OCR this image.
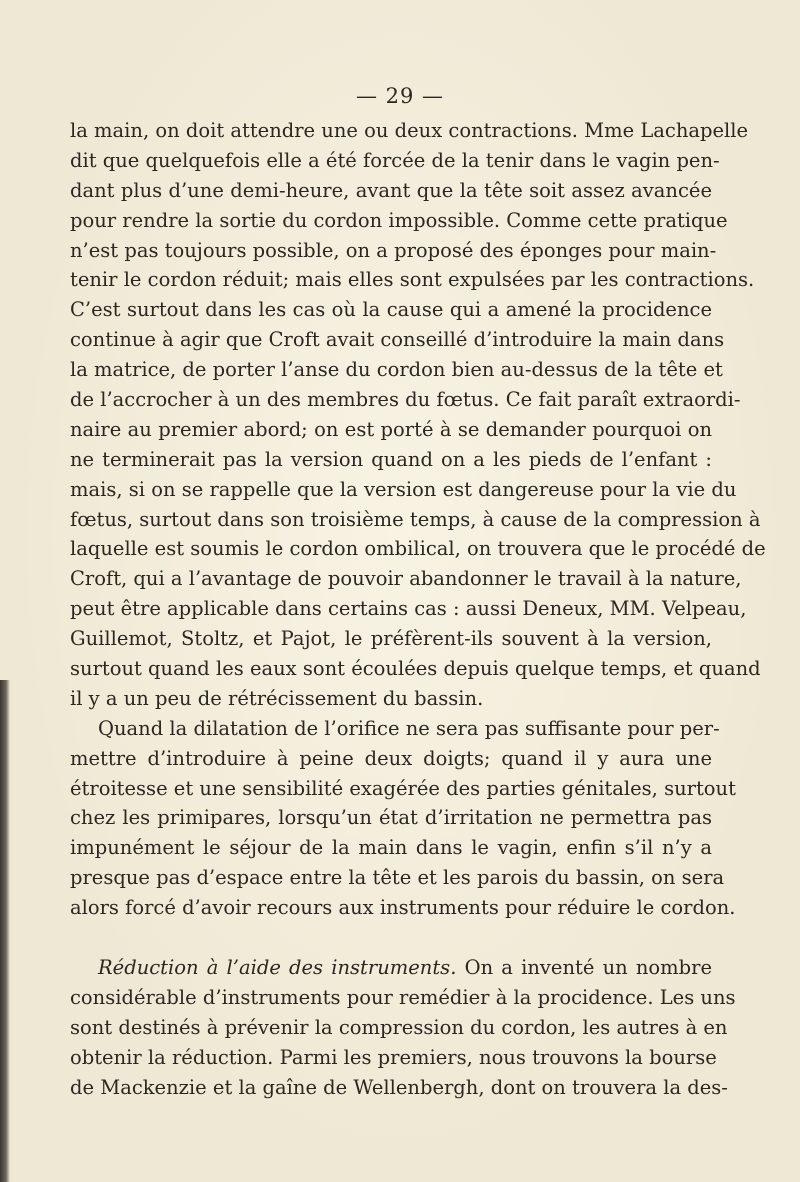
— 29 —
la main, on doit attendre une ou deux contractions. Mme Lachapelle
dit que quelquefois elle a été forcée de la tenir dans le vagin pen-
dant plus d’une demi-heure, avant que la tête soit assez avancée
pour rendre la sortie du cordon impossible. Comme cette pratique
n’est pas toujours possible, on a proposé des éponges pour main-
tenir le cordon réduit; mais elles sont expulsées par les contractions.
C’est surtout dans les cas où la cause qui a amené la procidence
continue à agir que Croft avait conseillé d’introduire la main dans
la matrice, de porter l’anse du cordon bien au-dessus de la tête et
de l’accrocher à un des membres du fœtus. Ce fait paraît extraordi-
naire au premier abord; on est porté à se demander pourquoi on
ne terminerait pas la version quand on a les pieds de l’enfant :
mais, si on se rappelle que la version est dangereuse pour la vie du
fœtus, surtout dans son troisième temps, à cause de la compression à
laquelle est soumis le cordon ombilical, on trouvera que le procédé de
Croft, qui a l’avantage de pouvoir abandonner le travail à la nature,
peut être applicable dans certains cas : aussi Deneux, MM. Velpeau,
Guillemot, Stoltz, et Pajot, le préfèrent-ils souvent à la version,
surtout quand les eaux sont écoulées depuis quelque temps, et quand
il y a un peu de rétrécissement du bassin.
Quand la dilatation de l’orifice ne sera pas suffisante pour per-
mettre d’introduire à peine deux doigts; quand il y aura une
étroitesse et une sensibilité exagérée des parties génitales, surtout
chez les primipares, lorsqu’un état d’irritation ne permettra pas
impunément le séjour de la main dans le vagin, enfin s’il n’y a
presque pas d’espace entre la tête et les parois du bassin, on sera
alors forcé d’avoir recours aux instruments pour réduire le cordon.
Réduction à l’aide des instruments. On a inventé un nombre
considérable d’instruments pour remédier à la procidence. Les uns
sont destinés à prévenir la compression du cordon, les autres à en
obtenir la réduction. Parmi les premiers, nous trouvons la bourse
de Mackenzie et la gaîne de Wellenbergh, dont on trouvera la des-
